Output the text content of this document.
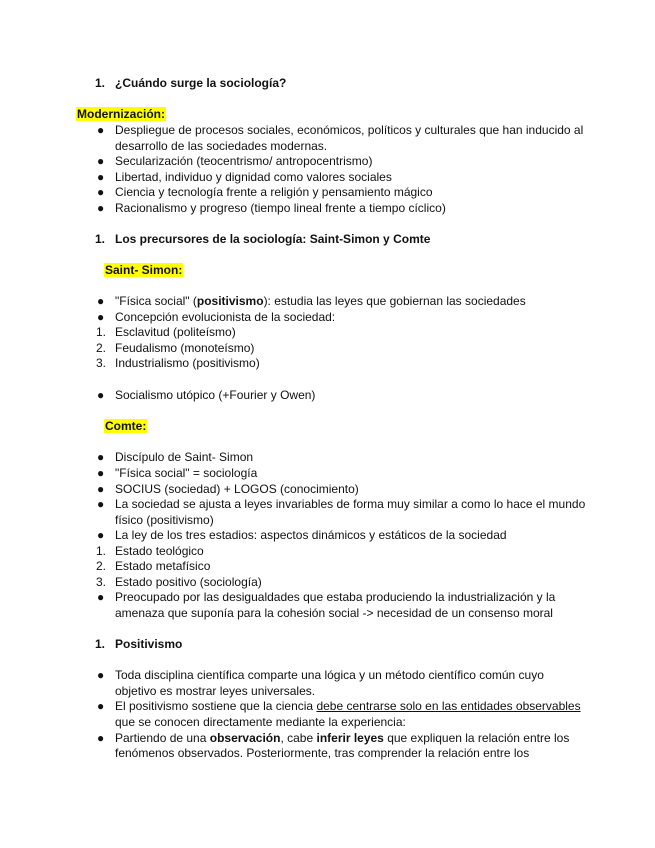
1. ¿Cuándo surge la sociología?
Modernización:
● Despliegue de procesos sociales, económicos, políticos y culturales que han inducido al
desarrollo de las sociedades modernas.
● Secularización (teocentrismo/ antropocentrismo)
● Libertad, individuo y dignidad como valores sociales
● Ciencia y tecnología frente a religión y pensamiento mágico
● Racionalismo y progreso (tiempo lineal frente a tiempo cíclico)
1. Los precursores de la sociología: Saint-Simon y Comte
Saint- Simon:
● "Física social" (positivismo): estudia las leyes que gobiernan las sociedades
● Concepción evolucionista de la sociedad:
1. Esclavitud (politeísmo)
2. Feudalismo (monoteísmo)
3. Industrialismo (positivismo)
● Socialismo utópico (+Fourier y Owen)
Comte:
● Discípulo de Saint- Simon
● "Física social" = sociología
● SOCIUS (sociedad) + LOGOS (conocimiento)
● La sociedad se ajusta a leyes invariables de forma muy similar a como lo hace el mundo
físico (positivismo)
● La ley de los tres estadios: aspectos dinámicos y estáticos de la sociedad
1. Estado teológico
2. Estado metafísico
3. Estado positivo (sociología)
● Preocupado por las desigualdades que estaba produciendo la industrialización y la
amenaza que suponía para la cohesión social -> necesidad de un consenso moral
1. Positivismo
● Toda disciplina científica comparte una lógica y un método científico común cuyo
objetivo es mostrar leyes universales.
● El positivismo sostiene que la ciencia debe centrarse solo en las entidades observables
que se conocen directamente mediante la experiencia:
● Partiendo de una observación, cabe inferir leyes que expliquen la relación entre los
fenómenos observados. Posteriormente, tras comprender la relación entre los
